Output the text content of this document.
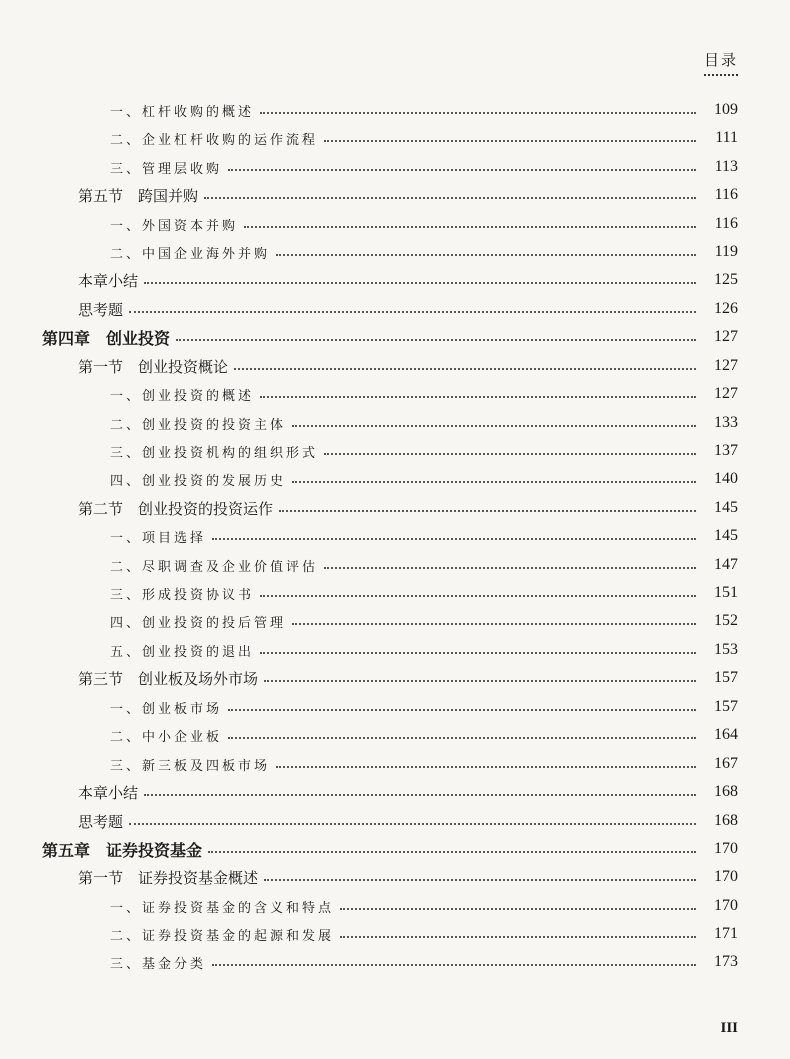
目录
一、杠杆收购的概述	109
二、企业杠杆收购的运作流程	111
三、管理层收购	113
第五节　跨国并购	116
一、外国资本并购	116
二、中国企业海外并购	119
本章小结	125
思考题	126
第四章　创业投资	127
第一节　创业投资概论	127
一、创业投资的概述	127
二、创业投资的投资主体	133
三、创业投资机构的组织形式	137
四、创业投资的发展历史	140
第二节　创业投资的投资运作	145
一、项目选择	145
二、尽职调查及企业价值评估	147
三、形成投资协议书	151
四、创业投资的投后管理	152
五、创业投资的退出	153
第三节　创业板及场外市场	157
一、创业板市场	157
二、中小企业板	164
三、新三板及四板市场	167
本章小结	168
思考题	168
第五章　证券投资基金	170
第一节　证券投资基金概述	170
一、证券投资基金的含义和特点	170
二、证券投资基金的起源和发展	171
三、基金分类	173
III
